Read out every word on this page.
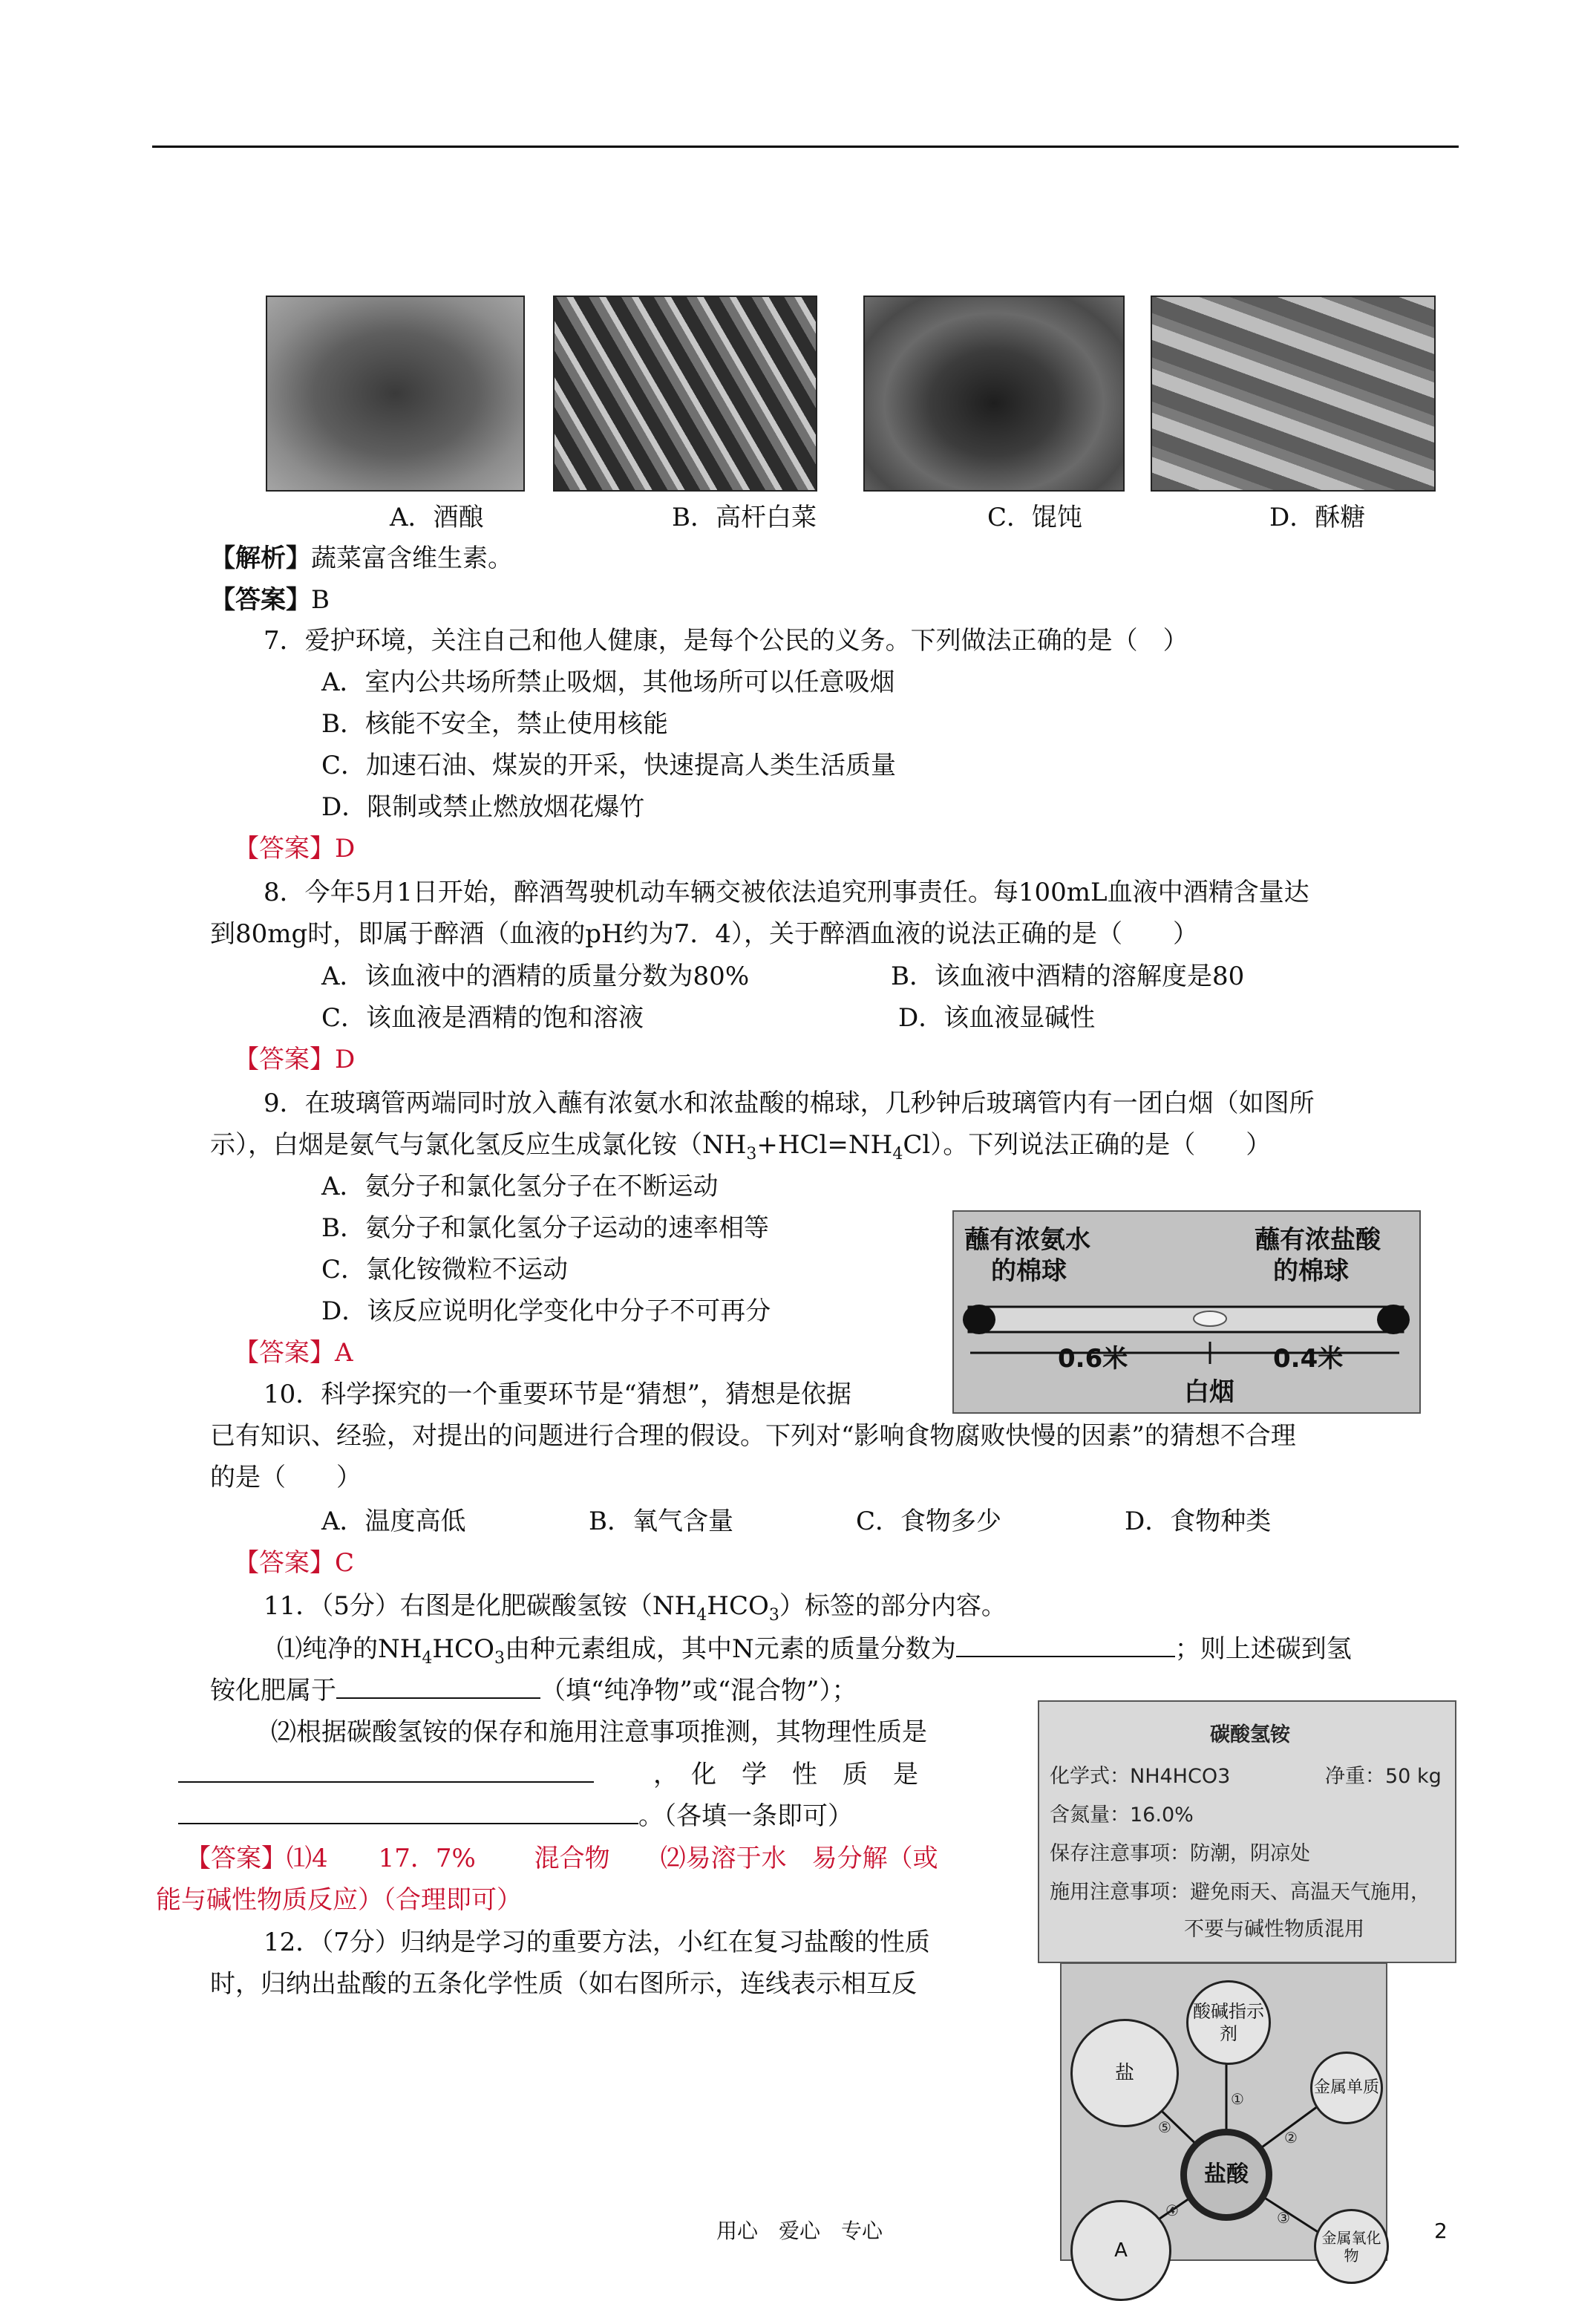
A．酒酿	B．高杆白菜	C．馄饨	D．酥糖
【解析】蔬菜富含维生素。
【答案】B
7．爱护环境，关注自己和他人健康，是每个公民的义务。下列做法正确的是（　）
A．室内公共场所禁止吸烟，其他场所可以任意吸烟
B．核能不安全，禁止使用核能
C．加速石油、煤炭的开采，快速提高人类生活质量
D．限制或禁止燃放烟花爆竹
【答案】D
8．今年5月1日开始，醉酒驾驶机动车辆交被依法追究刑事责任。每100mL血液中酒精含量达
到80mg时，即属于醉酒（血液的pH约为7．4），关于醉酒血液的说法正确的是（　　）
A．该血液中的酒精的质量分数为80%	B．该血液中酒精的溶解度是80
C．该血液是酒精的饱和溶液	D．该血液显碱性
【答案】D
9．在玻璃管两端同时放入蘸有浓氨水和浓盐酸的棉球，几秒钟后玻璃管内有一团白烟（如图所
示），白烟是氨气与氯化氢反应生成氯化铵$(NH_3+HCl=NH_4Cl)$。下列说法正确的是（　　）
A．氨分子和氯化氢分子在不断运动
B．氨分子和氯化氢分子运动的速率相等
C．氯化铵微粒不运动
D．该反应说明化学变化中分子不可再分
【答案】A
蘸有浓氨水
的棉球
蘸有浓盐酸
的棉球
0.6米	0.4米
白烟
10．科学探究的一个重要环节是“猜想”，猜想是依据
已有知识、经验，对提出的问题进行合理的假设。下列对“影响食物腐败快慢的因素”的猜想不合理
的是（　　）
A．温度高低	B．氧气含量	C．食物多少	D．食物种类
【答案】C
11．（5分）右图是化肥碳酸氢铵$(NH_4HCO_3)$标签的部分内容。
⑴纯净的$NH_4HCO_3$由种元素组成，其中N元素的质量分数为	；则上述碳到氢
铵化肥属于	（填“纯净物”或“混合物”）；
⑵根据碳酸氢铵的保存和施用注意事项推测，其物理性质是
，　化　学　性　质　是
。（各填一条即可）
【答案】⑴4　　17．7%　　 混合物　　⑵易溶于水　易分解（或
能与碱性物质反应）（合理即可）
碳酸氢铵
化学式：NH4HCO3	净重：50 kg
含氮量：16.0%
保存注意事项：防潮，阴凉处
施用注意事项：避免雨天、高温天气施用，
不要与碱性物质混用
12．（7分）归纳是学习的重要方法，小红在复习盐酸的性质
时，归纳出盐酸的五条化学性质（如右图所示，连线表示相互反
酸碱指示剂
盐
金属单质
盐酸
A
金属氧化物
①
②
③
④
⑤
用心　爱心　专心	2
